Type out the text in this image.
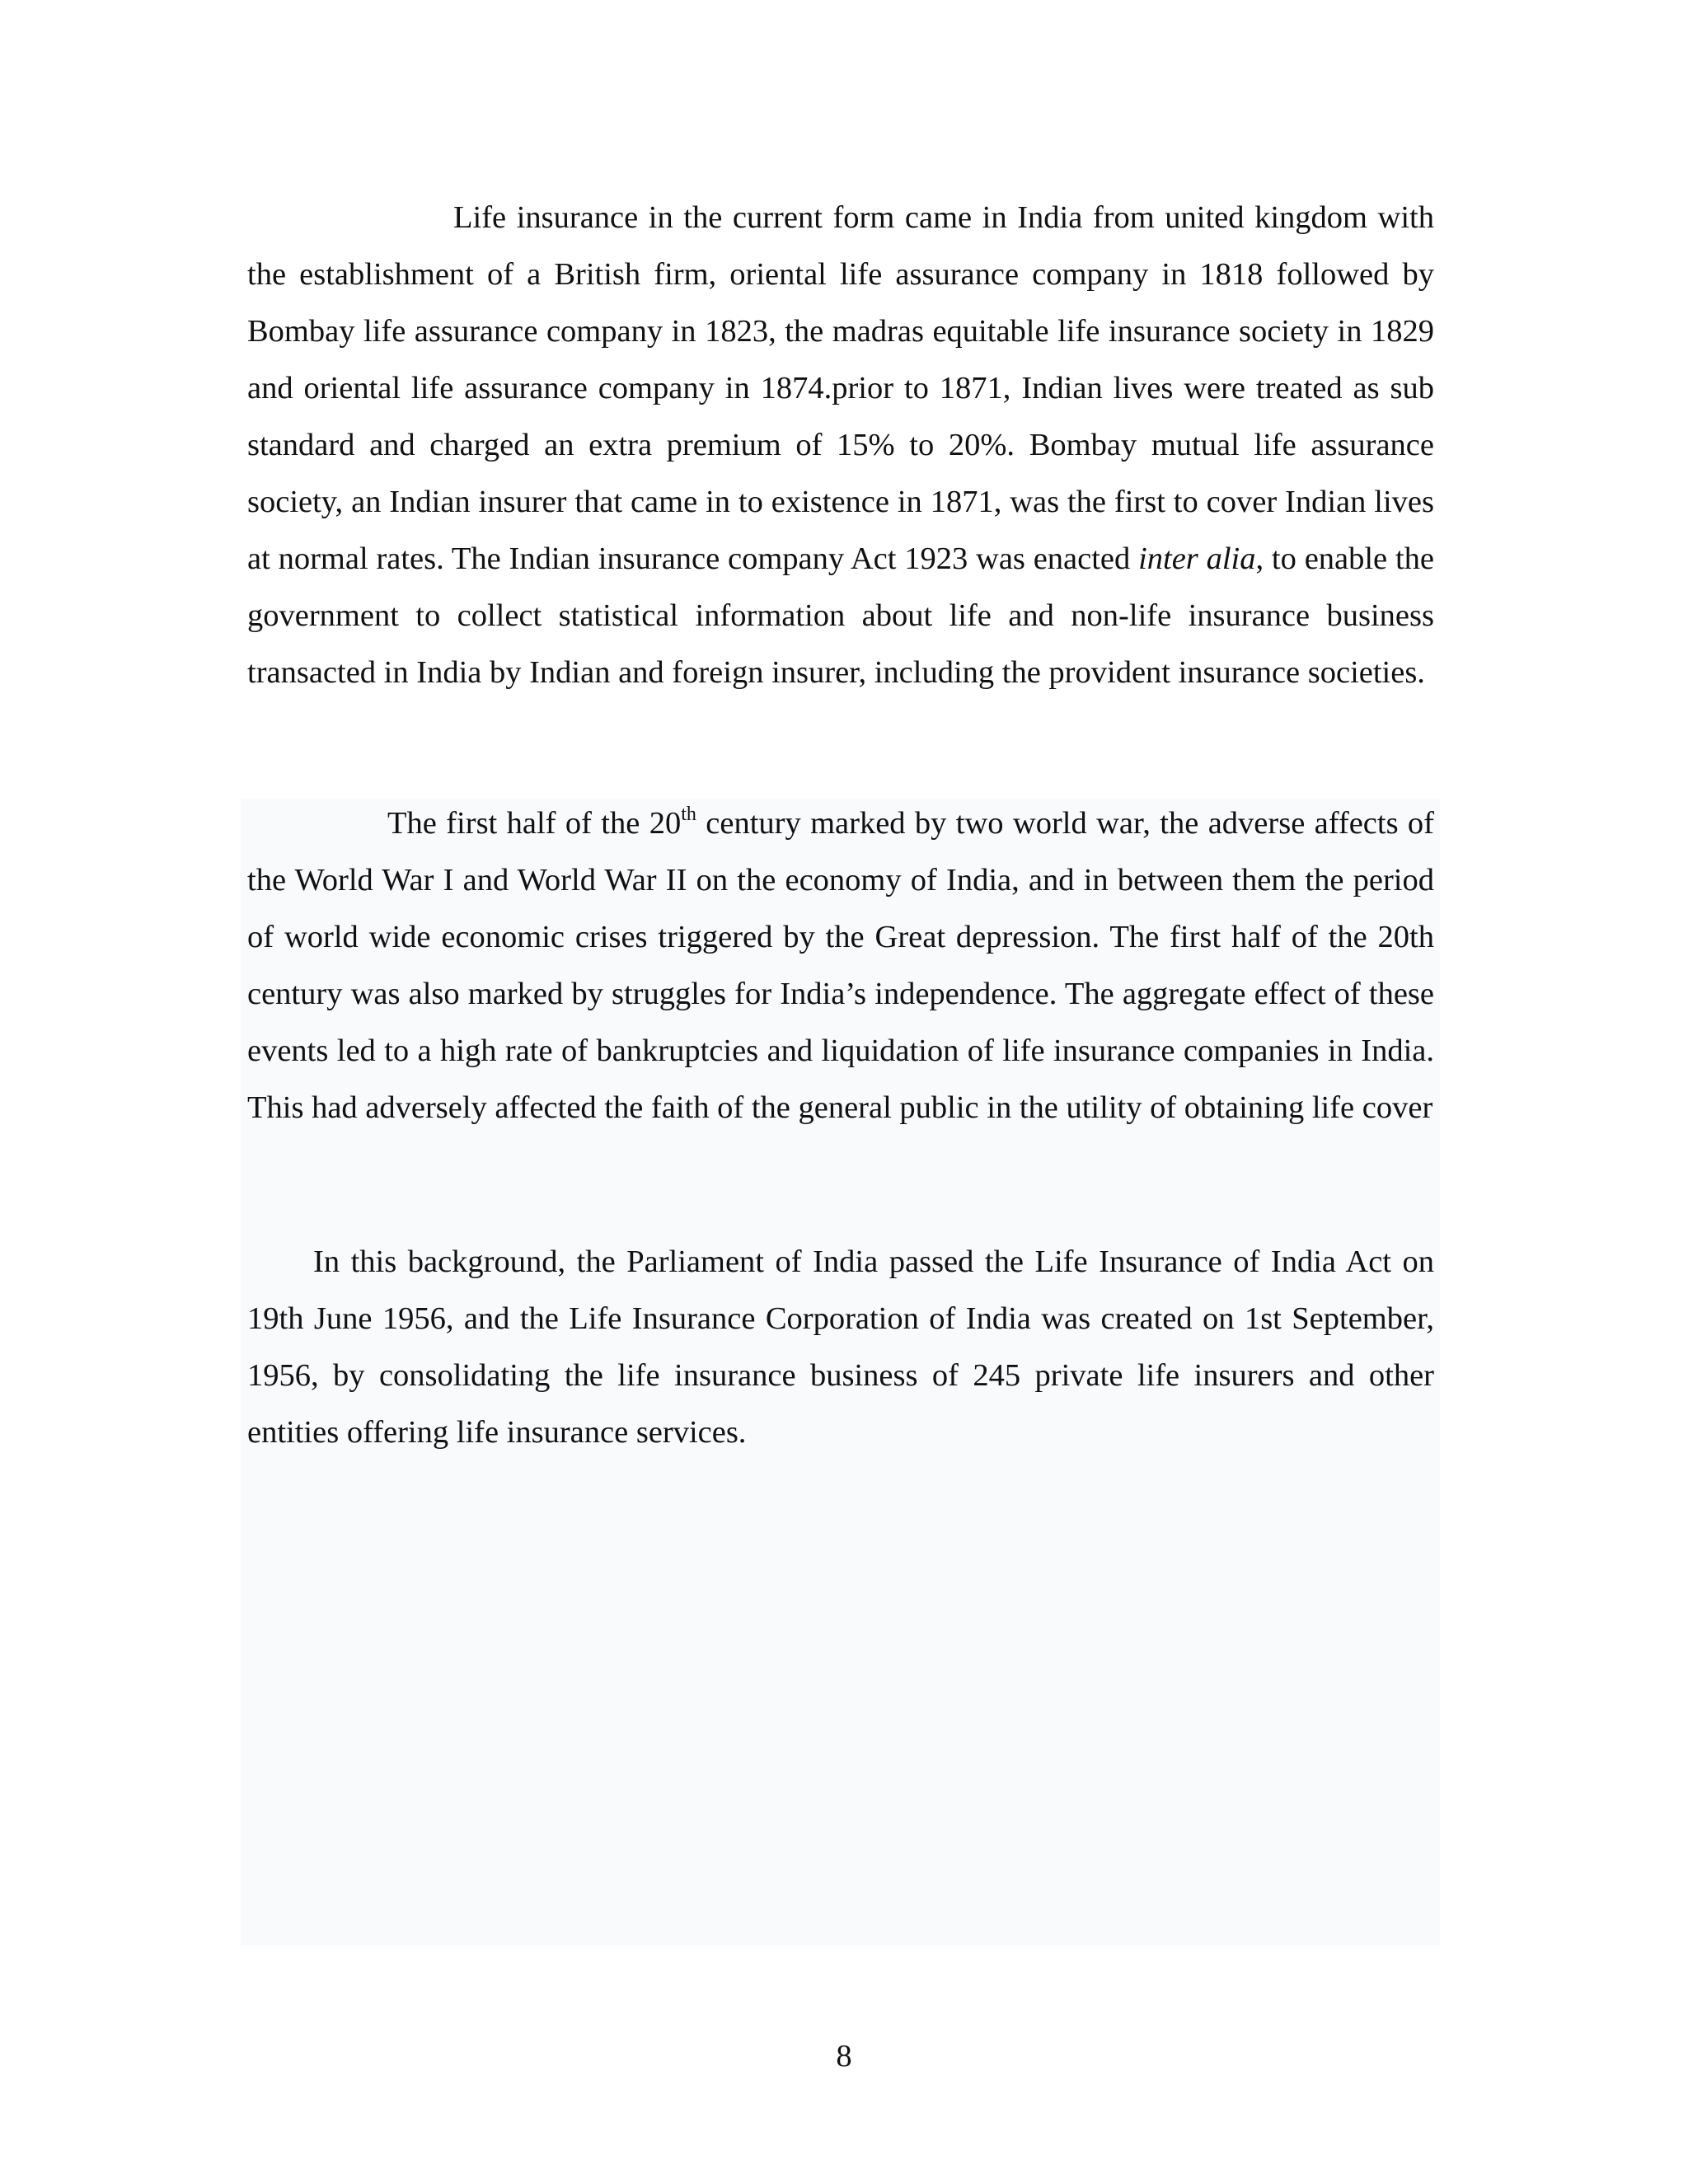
Life insurance in the current form came in India from united kingdom with the establishment of a British firm, oriental life assurance company in 1818 followed by Bombay life assurance company in 1823, the madras equitable life insurance society in 1829 and oriental life assurance company in 1874.prior to 1871, Indian lives were treated as sub standard and charged an extra premium of 15% to 20%. Bombay mutual life assurance society, an Indian insurer that came in to existence in 1871, was the first to cover Indian lives at normal rates. The Indian insurance company Act 1923 was enacted inter alia, to enable the government to collect statistical information about life and non-life insurance business transacted in India by Indian and foreign insurer, including the provident insurance societies.

The first half of the 20th century marked by two world war, the adverse affects of the World War I and World War II on the economy of India, and in between them the period of world wide economic crises triggered by the Great depression. The first half of the 20th century was also marked by struggles for India’s independence. The aggregate effect of these events led to a high rate of bankruptcies and liquidation of life insurance companies in India. This had adversely affected the faith of the general public in the utility of obtaining life cover

In this background, the Parliament of India passed the Life Insurance of India Act on 19th June 1956, and the Life Insurance Corporation of India was created on 1st September, 1956, by consolidating the life insurance business of 245 private life insurers and other entities offering life insurance services.

8
